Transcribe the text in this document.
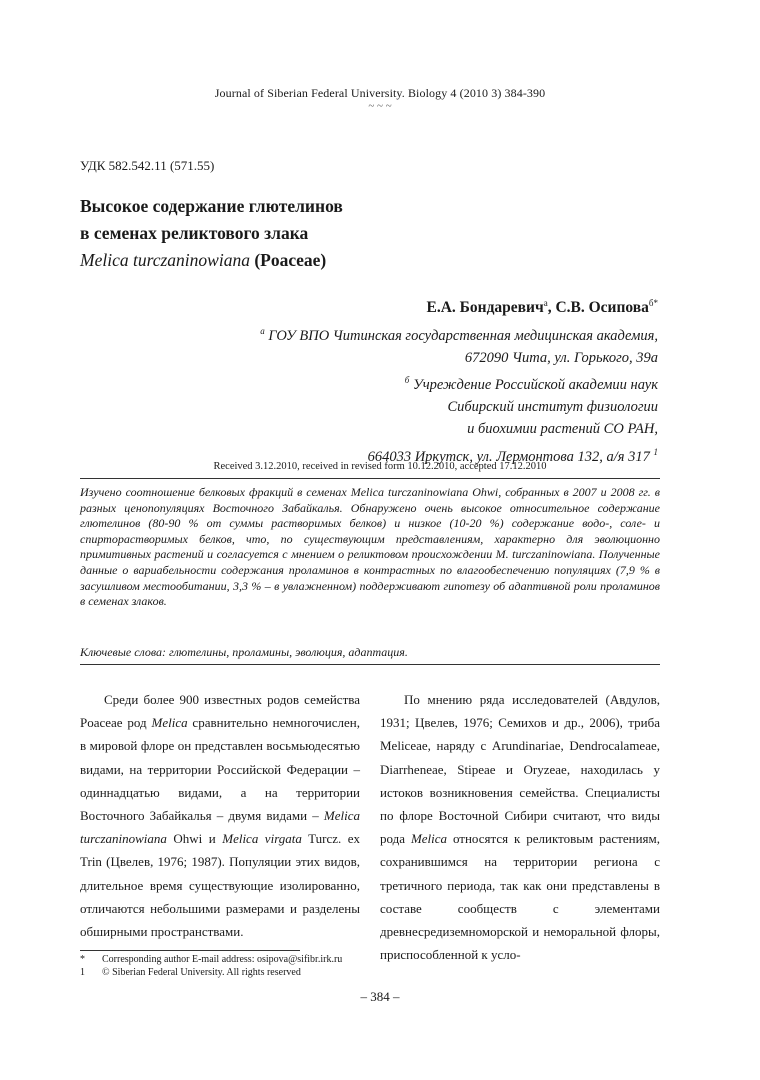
Journal of Siberian Federal University. Biology 4 (2010 3) 384-390
~ ~ ~
УДК 582.542.11 (571.55)
Высокое содержание глютелинов
в семенах реликтового злака
Melica turczaninowiana (Poaceae)
Е.А. Бондаревич$^а$, С.В. Осипова$^{б*}$
$^а$ ГОУ ВПО Читинская государственная медицинская академия,
672090 Чита, ул. Горького, 39а
$^б$ Учреждение Российской академии наук
Сибирский институт физиологии
и биохимии растений СО РАН,
664033 Иркутск, ул. Лермонтова 132, а/я 317 $^1$
Received 3.12.2010, received in revised form 10.12.2010, accepted 17.12.2010
Изучено соотношение белковых фракций в семенах Melica turczaninowiana Ohwi, собранных в 2007 и 2008 гг. в разных ценопопуляциях Восточного Забайкалья. Обнаружено очень высокое относительное содержание глютелинов (80-90 % от суммы растворимых белков) и низкое (10-20 %) содержание водо-, соле- и спирторастворимых белков, что, по существующим представлениям, характерно для эволюционно примитивных растений и согласуется с мнением о реликтовом происхождении M. turczaninowiana. Полученные данные о вариабельности содержания проламинов в контрастных по влагообеспечению популяциях (7,9 % в засушливом местообитании, 3,3 % – в увлажненном) поддерживают гипотезу об адаптивной роли проламинов в семенах злаков.
Ключевые слова: глютелины, проламины, эволюция, адаптация.

Среди более 900 известных родов семейства Poaceae род Melica сравнительно немногочислен, в мировой флоре он представлен восьмьюдесятью видами, на территории Российской Федерации – одиннадцатью видами, а на территории Восточного Забайкалья – двумя видами – Melica turczaninowiana Ohwi и Melica virgata Turcz. ex Trin (Цвелев, 1976; 1987). Популяции этих видов, длительное время существующие изолированно, отличаются небольшими размерами и разделены обширными пространствами.

По мнению ряда исследователей (Авдулов, 1931; Цвелев, 1976; Семихов и др., 2006), триба Meliceae, наряду с Arundinariae, Dendrocalameae, Diarrheneae, Stipeae и Oryzeae, находилась у истоков возникновения семейства. Специалисты по флоре Восточной Сибири считают, что виды рода Melica относятся к реликтовым растениям, сохранившимся на территории региона с третичного периода, так как они представлены в составе сообществ с элементами древнесредиземноморской и неморальной флоры, приспособленной к усло-

* Corresponding author E-mail address: osipova@sifibr.irk.ru
1 © Siberian Federal University. All rights reserved
– 384 –
